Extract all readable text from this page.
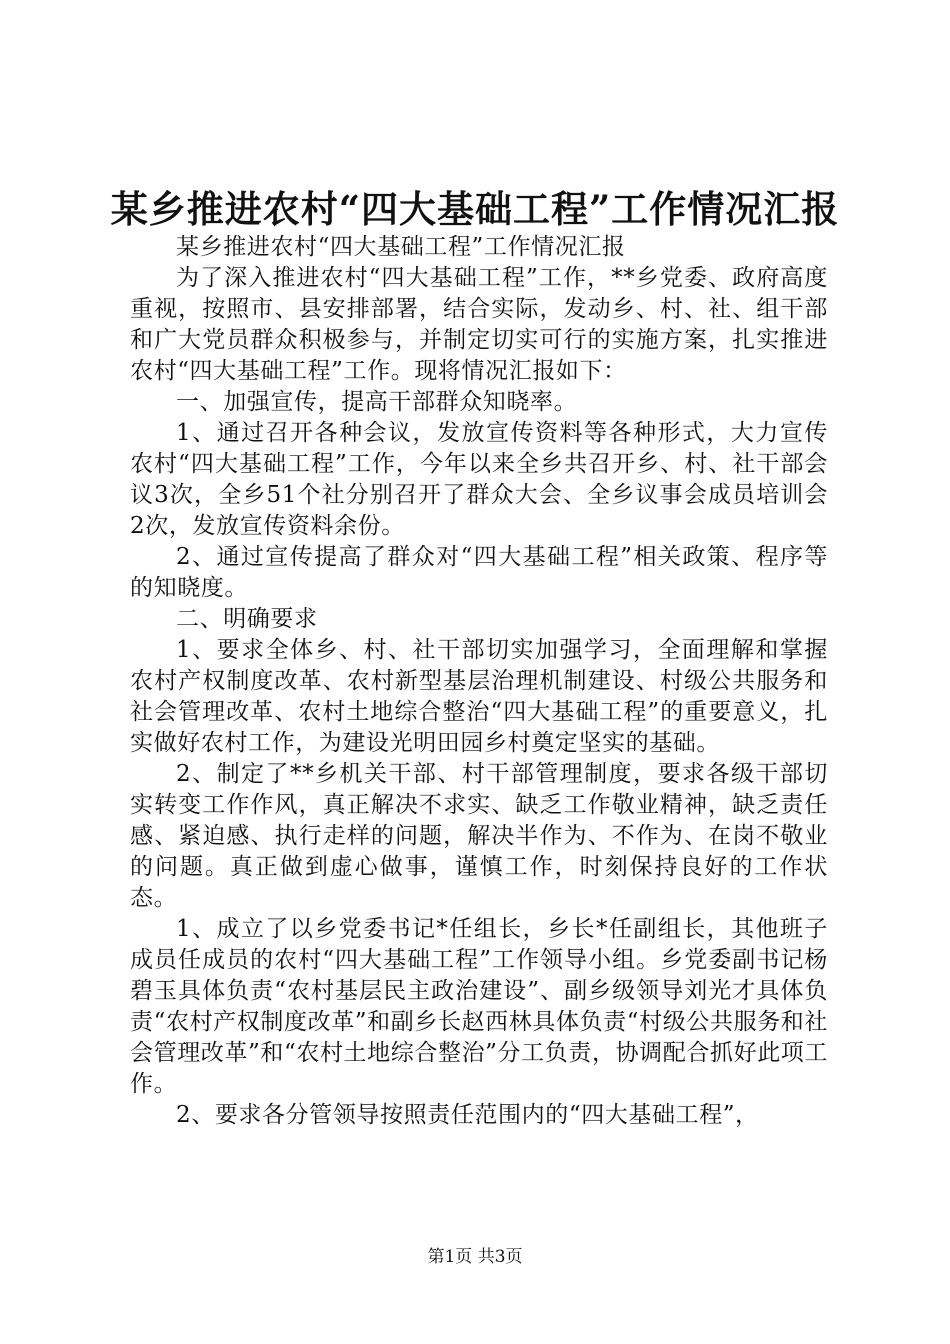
某乡推进农村“四大基础工程”工作情况汇报

某乡推进农村“四大基础工程”工作情况汇报

为了深入推进农村“四大基础工程”工作，**乡党委、政府高度重视，按照市、县安排部署，结合实际，发动乡、村、社、组干部和广大党员群众积极参与，并制定切实可行的实施方案，扎实推进农村“四大基础工程”工作。现将情况汇报如下：

一、加强宣传，提高干部群众知晓率。

1、通过召开各种会议，发放宣传资料等各种形式，大力宣传农村“四大基础工程”工作，今年以来全乡共召开乡、村、社干部会议3次，全乡51个社分别召开了群众大会、全乡议事会成员培训会2次，发放宣传资料余份。

2、通过宣传提高了群众对“四大基础工程”相关政策、程序等的知晓度。

二、明确要求

1、要求全体乡、村、社干部切实加强学习，全面理解和掌握农村产权制度改革、农村新型基层治理机制建设、村级公共服务和社会管理改革、农村土地综合整治“四大基础工程”的重要意义，扎实做好农村工作，为建设光明田园乡村奠定坚实的基础。

2、制定了**乡机关干部、村干部管理制度，要求各级干部切实转变工作作风，真正解决不求实、缺乏工作敬业精神，缺乏责任感、紧迫感、执行走样的问题，解决半作为、不作为、在岗不敬业的问题。真正做到虚心做事，谨慎工作，时刻保持良好的工作状态。

1、成立了以乡党委书记*任组长，乡长*任副组长，其他班子成员任成员的农村“四大基础工程”工作领导小组。乡党委副书记杨碧玉具体负责“农村基层民主政治建设”、副乡级领导刘光才具体负责“农村产权制度改革”和副乡长赵西林具体负责“村级公共服务和社会管理改革”和“农村土地综合整治”分工负责，协调配合抓好此项工作。

2、要求各分管领导按照责任范围内的“四大基础工程”，

第1页 共3页
